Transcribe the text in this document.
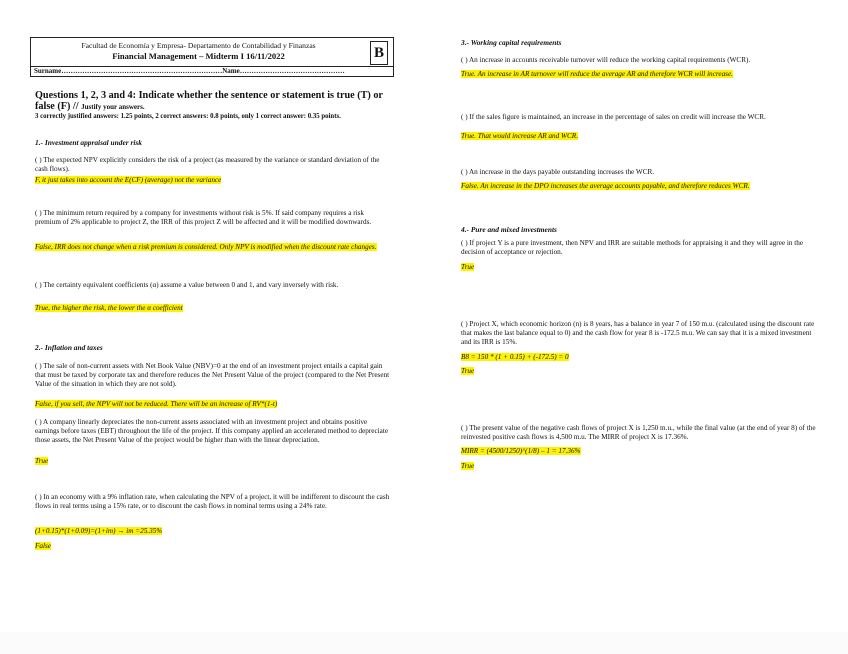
Facultad de Economía y Empresa- Departamento de Contabilidad y Finanzas
Financial Management – Midterm I 16/11/2022	B
Surname……………………………………………………………Name………………………………………
Questions 1, 2, 3 and 4: Indicate whether the sentence or statement is true (T) or false (F) // Justify your answers.
3 correctly justified answers: 1.25 points, 2 correct answers: 0.8 points, only 1 correct answer: 0.35 points.
1.- Investment appraisal under risk
( ) The expected NPV explicitly considers the risk of a project (as measured by the variance or standard deviation of the cash flows).
F, it just takes into account the E(CF) (average) not the variance
( ) The minimum return required by a company for investments without risk is 5%. If said company requires a risk premium of 2% applicable to project Z, the IRR of this project Z will be affected and it will be modified downwards.
False, IRR does not change when a risk premium is considered. Only NPV is modified when the discount rate changes.
( ) The certainty equivalent coefficients (α) assume a value between 0 and 1, and vary inversely with risk.
True, the higher the risk, the lower the α coefficient
2.- Inflation and taxes
( ) The sale of non-current assets with Net Book Value (NBV)=0 at the end of an investment project entails a capital gain that must be taxed by corporate tax and therefore reduces the Net Present Value of the project (compared to the Net Present Value of the situation in which they are not sold).
False, if you sell, the NPV will not be reduced. There will be an increase of RV*(1-t)
( ) A company linearly depreciates the non-current assets associated with an investment project and obtains positive earnings before taxes (EBT) throughout the life of the project. If this company applied an accelerated method to depreciate those assets, the Net Present Value of the project would be higher than with the linear depreciation.
True
( ) In an economy with a 9% inflation rate, when calculating the NPV of a project, it will be indifferent to discount the cash flows in real terms using a 15% rate, or to discount the cash flows in nominal terms using a 24% rate.
(1+0.15)*(1+0.09)=(1+im) → im =25.35%
False
3.- Working capital requirements
( ) An increase in accounts receivable turnover will reduce the working capital requirements (WCR).
True. An increase in AR turnover will reduce the average AR and therefore WCR will increase.
( ) If the sales figure is maintained, an increase in the percentage of sales on credit will increase the WCR.
True. That would increase AR and WCR.
( ) An increase in the days payable outstanding increases the WCR.
False. An increase in the DPO increases the average accounts payable, and therefore reduces WCR.
4.- Pure and mixed investments
( ) If project Y is a pure investment, then NPV and IRR are suitable methods for appraising it and they will agree in the decision of acceptance or rejection.
True
( ) Project X, which economic horizon (n) is 8 years, has a balance in year 7 of 150 m.u. (calculated using the discount rate that makes the last balance equal to 0) and the cash flow for year 8 is -172.5 m.u. We can say that it is a mixed investment and its IRR is 15%.
B8 = 150 * (1 + 0.15) + (-172.5) = 0
True
( ) The present value of the negative cash flows of project X is 1,250 m.u., while the final value (at the end of year 8) of the reinvested positive cash flows is 4,500 m.u. The MIRR of project X is 17.36%.
MIRR = (4500/1250)^(1/8) – 1 = 17.36%
True
